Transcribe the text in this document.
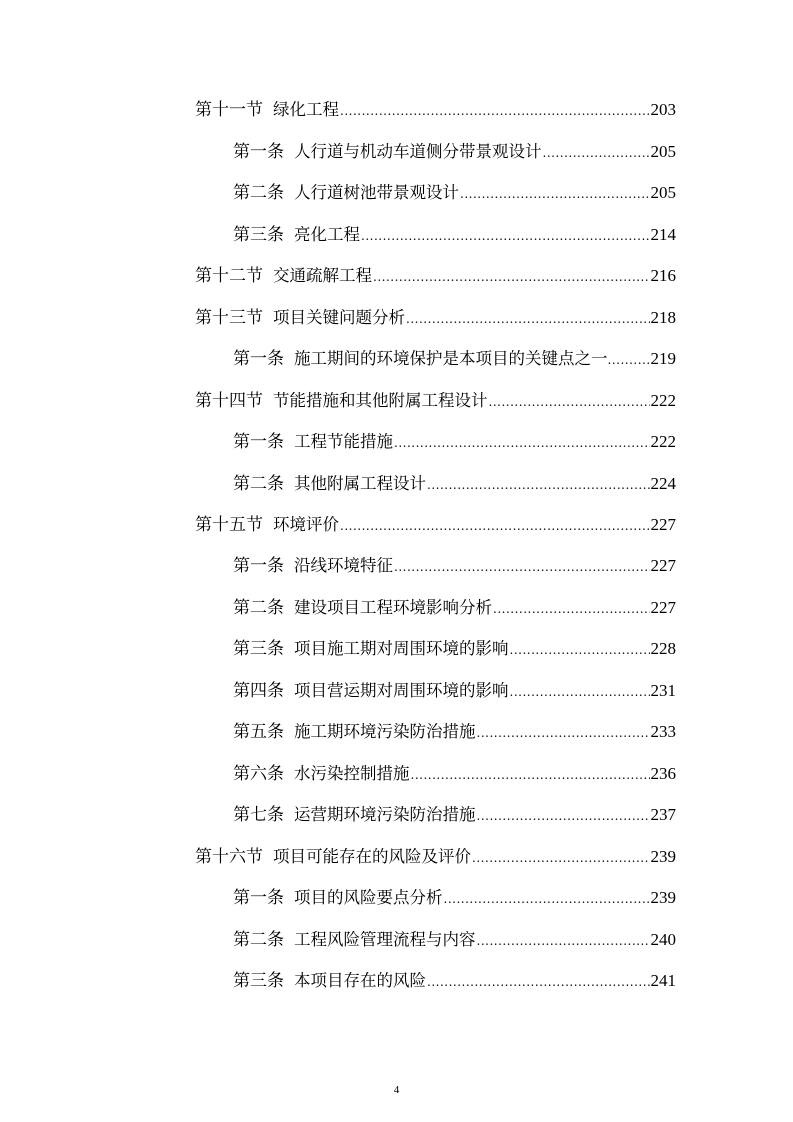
第十一节 绿化工程 .....	203
第一条 人行道与机动车道侧分带景观设计 .....	205
第二条 人行道树池带景观设计 .....	205
第三条 亮化工程 .....	214
第十二节 交通疏解工程 .....	216
第十三节 项目关键问题分析 .....	218
第一条 施工期间的环境保护是本项目的关键点之一 .....	219
第十四节 节能措施和其他附属工程设计 .....	222
第一条 工程节能措施 .....	222
第二条 其他附属工程设计 .....	224
第十五节 环境评价 .....	227
第一条 沿线环境特征 .....	227
第二条 建设项目工程环境影响分析 .....	227
第三条 项目施工期对周围环境的影响 .....	228
第四条 项目营运期对周围环境的影响 .....	231
第五条 施工期环境污染防治措施 .....	233
第六条 水污染控制措施 .....	236
第七条 运营期环境污染防治措施 .....	237
第十六节 项目可能存在的风险及评价 .....	239
第一条 项目的风险要点分析 .....	239
第二条 工程风险管理流程与内容 .....	240
第三条 本项目存在的风险 .....	241
4
